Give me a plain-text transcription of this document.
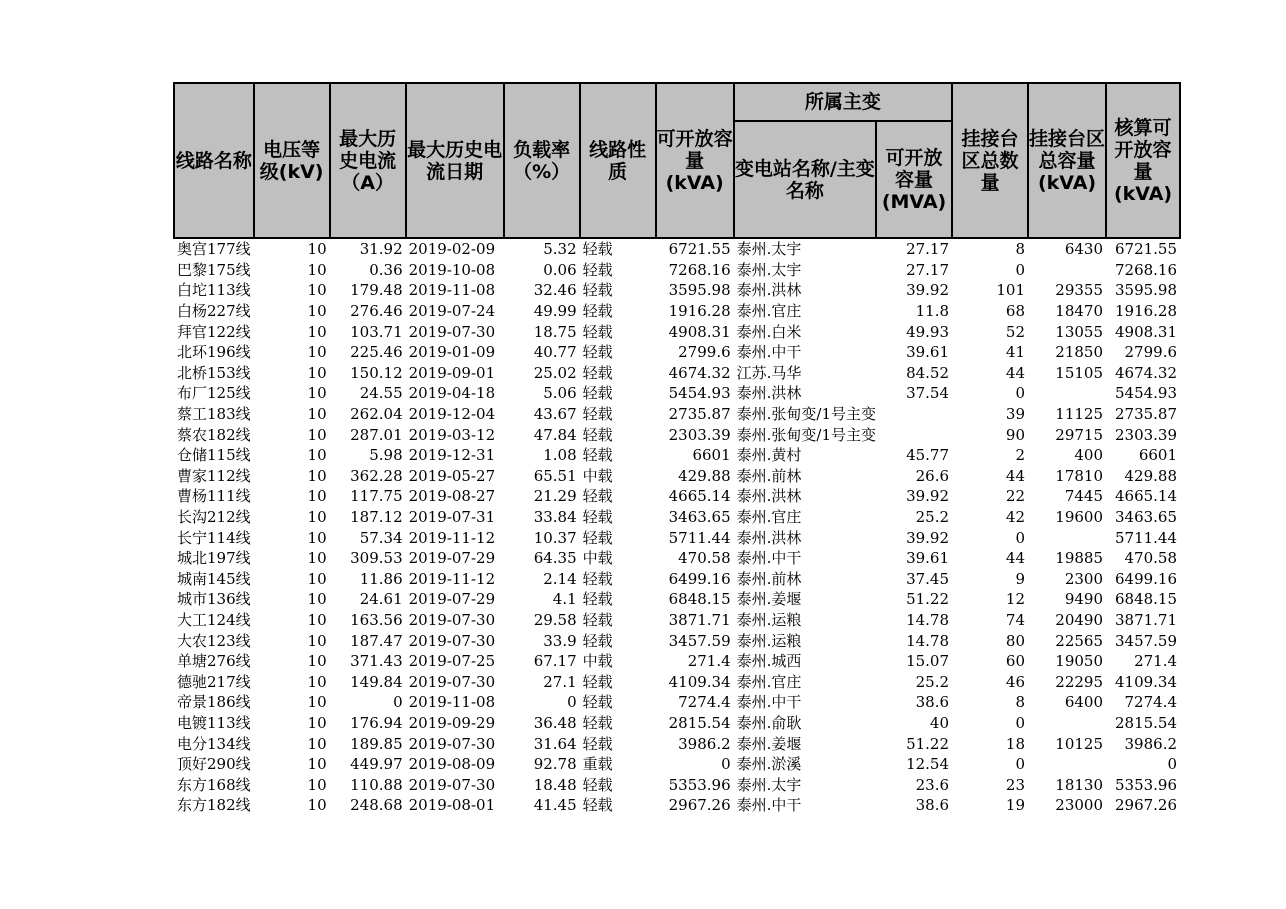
线路名称	电压等级(kV)	最大历史电流（A）	最大历史电流日期	负载率（%）	线路性质	可开放容量(kVA)	所属主变		挂接台区总数量	挂接台区总容量(kVA)	核算可开放容量(kVA)
							变电站名称/主变名称	可开放容量(MVA)			
奥宫177线	10	31.92	2019-02-09	5.32	轻载	6721.55	泰州.太宇	27.17	8	6430	6721.55
巴黎175线	10	0.36	2019-10-08	0.06	轻载	7268.16	泰州.太宇	27.17	0		7268.16
白坨113线	10	179.48	2019-11-08	32.46	轻载	3595.98	泰州.洪林	39.92	101	29355	3595.98
白杨227线	10	276.46	2019-07-24	49.99	轻载	1916.28	泰州.官庄	11.8	68	18470	1916.28
拜官122线	10	103.71	2019-07-30	18.75	轻载	4908.31	泰州.白米	49.93	52	13055	4908.31
北环196线	10	225.46	2019-01-09	40.77	轻载	2799.6	泰州.中干	39.61	41	21850	2799.6
北桥153线	10	150.12	2019-09-01	25.02	轻载	4674.32	江苏.马华	84.52	44	15105	4674.32
布厂125线	10	24.55	2019-04-18	5.06	轻载	5454.93	泰州.洪林	37.54	0		5454.93
蔡工183线	10	262.04	2019-12-04	43.67	轻载	2735.87	泰州.张甸变/1号主变		39	11125	2735.87
蔡农182线	10	287.01	2019-03-12	47.84	轻载	2303.39	泰州.张甸变/1号主变		90	29715	2303.39
仓储115线	10	5.98	2019-12-31	1.08	轻载	6601	泰州.黄村	45.77	2	400	6601
曹家112线	10	362.28	2019-05-27	65.51	中载	429.88	泰州.前林	26.6	44	17810	429.88
曹杨111线	10	117.75	2019-08-27	21.29	轻载	4665.14	泰州.洪林	39.92	22	7445	4665.14
长沟212线	10	187.12	2019-07-31	33.84	轻载	3463.65	泰州.官庄	25.2	42	19600	3463.65
长宁114线	10	57.34	2019-11-12	10.37	轻载	5711.44	泰州.洪林	39.92	0		5711.44
城北197线	10	309.53	2019-07-29	64.35	中载	470.58	泰州.中干	39.61	44	19885	470.58
城南145线	10	11.86	2019-11-12	2.14	轻载	6499.16	泰州.前林	37.45	9	2300	6499.16
城市136线	10	24.61	2019-07-29	4.1	轻载	6848.15	泰州.姜堰	51.22	12	9490	6848.15
大工124线	10	163.56	2019-07-30	29.58	轻载	3871.71	泰州.运粮	14.78	74	20490	3871.71
大农123线	10	187.47	2019-07-30	33.9	轻载	3457.59	泰州.运粮	14.78	80	22565	3457.59
单塘276线	10	371.43	2019-07-25	67.17	中载	271.4	泰州.城西	15.07	60	19050	271.4
德驰217线	10	149.84	2019-07-30	27.1	轻载	4109.34	泰州.官庄	25.2	46	22295	4109.34
帝景186线	10	0	2019-11-08	0	轻载	7274.4	泰州.中干	38.6	8	6400	7274.4
电镀113线	10	176.94	2019-09-29	36.48	轻载	2815.54	泰州.俞耿	40	0		2815.54
电分134线	10	189.85	2019-07-30	31.64	轻载	3986.2	泰州.姜堰	51.22	18	10125	3986.2
顶好290线	10	449.97	2019-08-09	92.78	重载	0	泰州.淤溪	12.54	0		0
东方168线	10	110.88	2019-07-30	18.48	轻载	5353.96	泰州.太宇	23.6	23	18130	5353.96
东方182线	10	248.68	2019-08-01	41.45	轻载	2967.26	泰州.中干	38.6	19	23000	2967.26
